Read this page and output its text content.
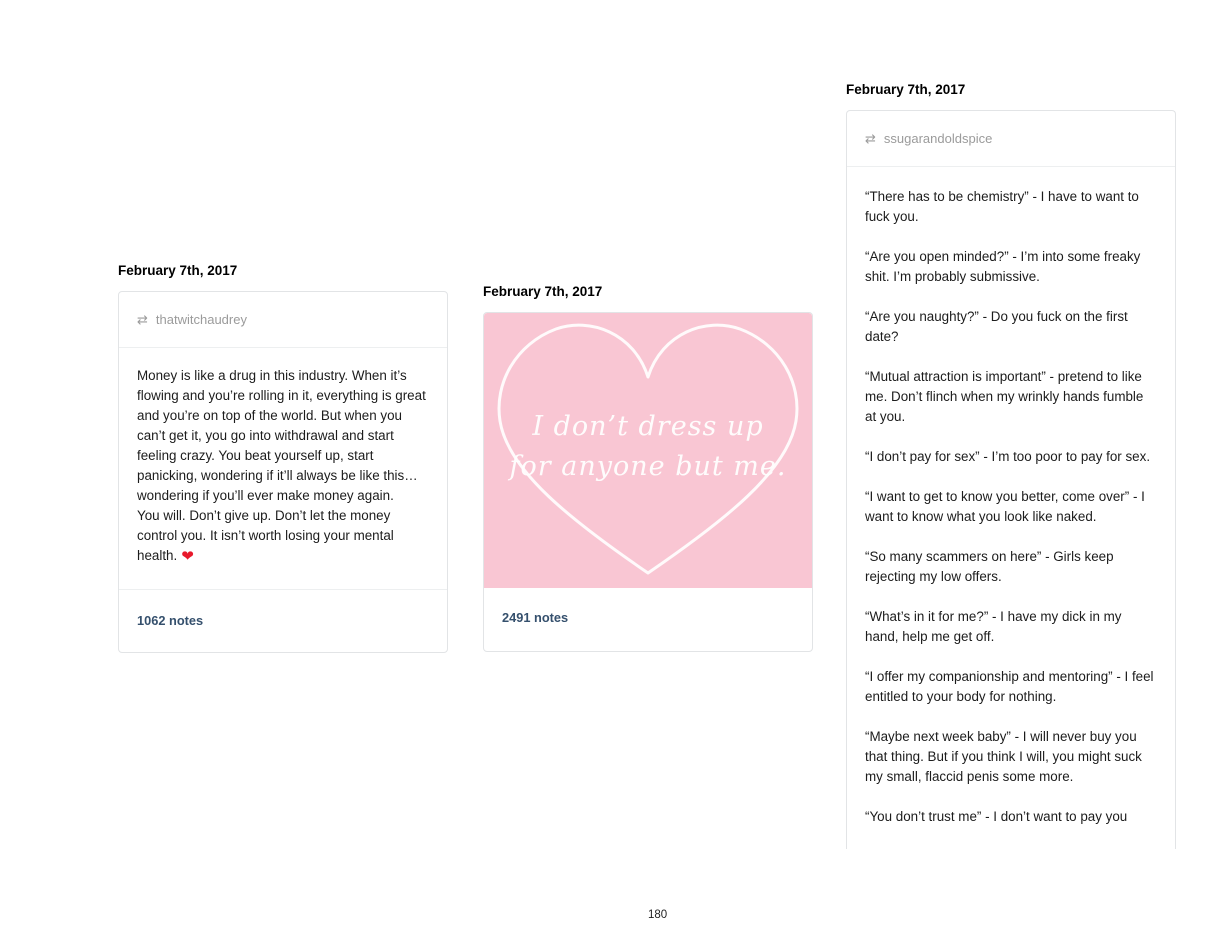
February 7th, 2017
⇄ thatwitchaudrey
Money is like a drug in this industry. When it’s flowing and you’re rolling in it, everything is great and you’re on top of the world. But when you can’t get it, you go into withdrawal and start feeling crazy. You beat yourself up, start panicking, wondering if it’ll always be like this…wondering if you’ll ever make money again.
You will. Don’t give up. Don’t let the money control you. It isn’t worth losing your mental health. ❤
1062 notes
February 7th, 2017
I don’t dress up
for anyone but me.
2491 notes
February 7th, 2017
⇄ ssugarandoldspice

“There has to be chemistry” - I have to want to fuck you.

“Are you open minded?” - I’m into some freaky shit. I’m probably submissive.

“Are you naughty?” - Do you fuck on the first date?

“Mutual attraction is important” - pretend to like me. Don’t flinch when my wrinkly hands fumble at you.

“I don’t pay for sex” - I’m too poor to pay for sex.

“I want to get to know you better, come over” - I want to know what you look like naked.

“So many scammers on here” - Girls keep rejecting my low offers.

“What’s in it for me?” - I have my dick in my hand, help me get off.

“I offer my companionship and mentoring” - I feel entitled to your body for nothing.

“Maybe next week baby” - I will never buy you that thing. But if you think I will, you might suck my small, flaccid penis some more.

“You don’t trust me” - I don’t want to pay you

180
